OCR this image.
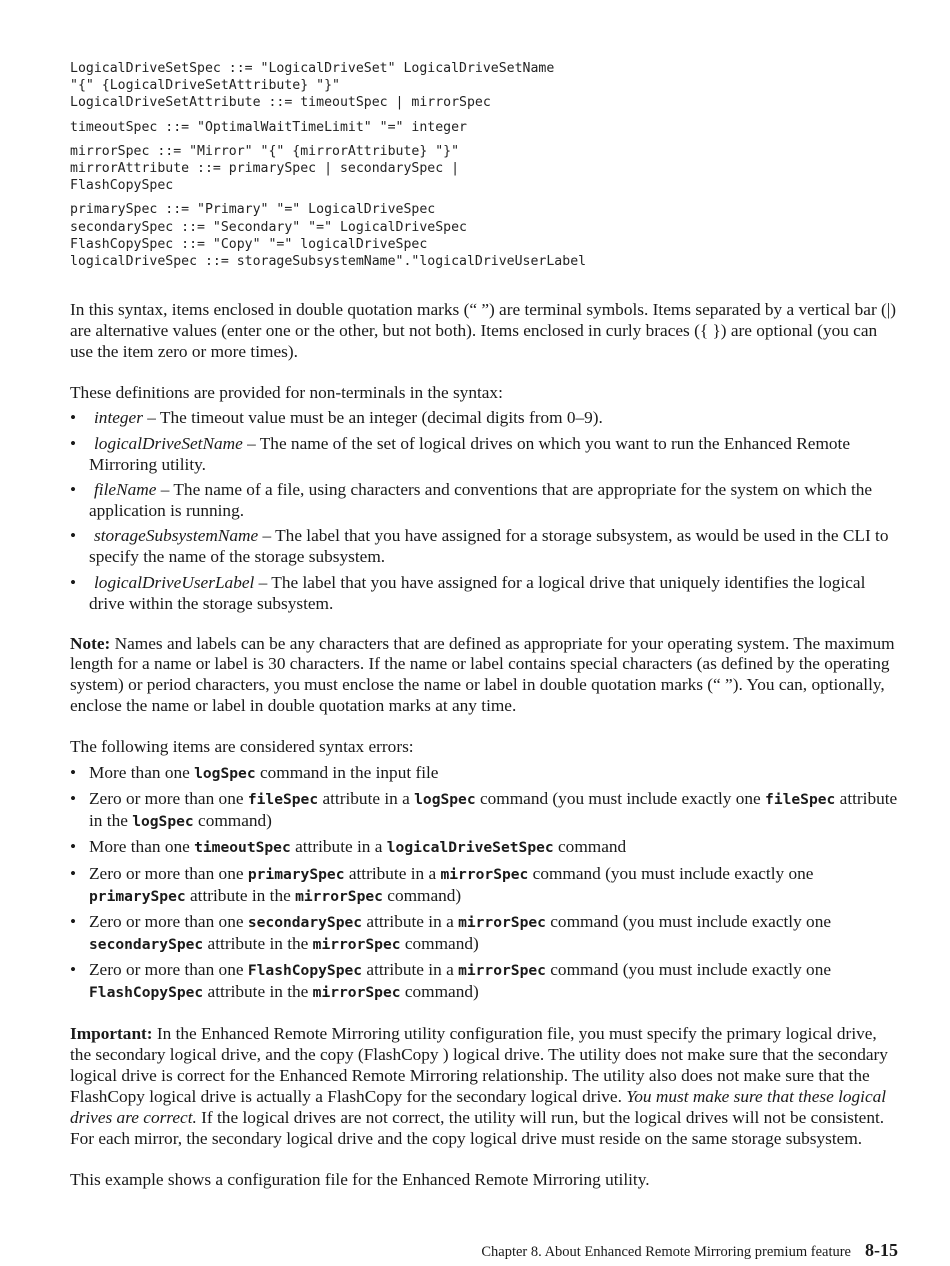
LogicalDriveSetSpec ::= "LogicalDriveSet" LogicalDriveSetName
"{" {LogicalDriveSetAttribute} "}"
LogicalDriveSetAttribute ::= timeoutSpec | mirrorSpec
timeoutSpec ::= "OptimalWaitTimeLimit" "=" integer
mirrorSpec ::= "Mirror" "{" {mirrorAttribute} "}"
mirrorAttribute ::= primarySpec | secondarySpec |
FlashCopySpec
primarySpec ::= "Primary" "=" LogicalDriveSpec
secondarySpec ::= "Secondary" "=" LogicalDriveSpec
FlashCopySpec ::= "Copy" "=" logicalDriveSpec
logicalDriveSpec ::= storageSubsystemName"."logicalDriveUserLabel

In this syntax, items enclosed in double quotation marks (“ ”) are terminal symbols. Items separated by a vertical bar (|) are alternative values (enter one or the other, but not both). Items enclosed in curly braces ({ }) are optional (you can use the item zero or more times).

These definitions are provided for non-terminals in the syntax:

• integer – The timeout value must be an integer (decimal digits from 0–9).
• logicalDriveSetName – The name of the set of logical drives on which you want to run the Enhanced Remote Mirroring utility.
• fileName – The name of a file, using characters and conventions that are appropriate for the system on which the application is running.
• storageSubsystemName – The label that you have assigned for a storage subsystem, as would be used in the CLI to specify the name of the storage subsystem.
• logicalDriveUserLabel – The label that you have assigned for a logical drive that uniquely identifies the logical drive within the storage subsystem.

Note: Names and labels can be any characters that are defined as appropriate for your operating system. The maximum length for a name or label is 30 characters. If the name or label contains special characters (as defined by the operating system) or period characters, you must enclose the name or label in double quotation marks (“ ”). You can, optionally, enclose the name or label in double quotation marks at any time.

The following items are considered syntax errors:

• More than one logSpec command in the input file
• Zero or more than one fileSpec attribute in a logSpec command (you must include exactly one fileSpec attribute in the logSpec command)
• More than one timeoutSpec attribute in a logicalDriveSetSpec command
• Zero or more than one primarySpec attribute in a mirrorSpec command (you must include exactly one primarySpec attribute in the mirrorSpec command)
• Zero or more than one secondarySpec attribute in a mirrorSpec command (you must include exactly one secondarySpec attribute in the mirrorSpec command)
• Zero or more than one FlashCopySpec attribute in a mirrorSpec command (you must include exactly one FlashCopySpec attribute in the mirrorSpec command)

Important: In the Enhanced Remote Mirroring utility configuration file, you must specify the primary logical drive, the secondary logical drive, and the copy (FlashCopy ) logical drive. The utility does not make sure that the secondary logical drive is correct for the Enhanced Remote Mirroring relationship. The utility also does not make sure that the FlashCopy logical drive is actually a FlashCopy for the secondary logical drive. You must make sure that these logical drives are correct. If the logical drives are not correct, the utility will run, but the logical drives will not be consistent. For each mirror, the secondary logical drive and the copy logical drive must reside on the same storage subsystem.

This example shows a configuration file for the Enhanced Remote Mirroring utility.

Chapter 8. About Enhanced Remote Mirroring premium feature 8-15
